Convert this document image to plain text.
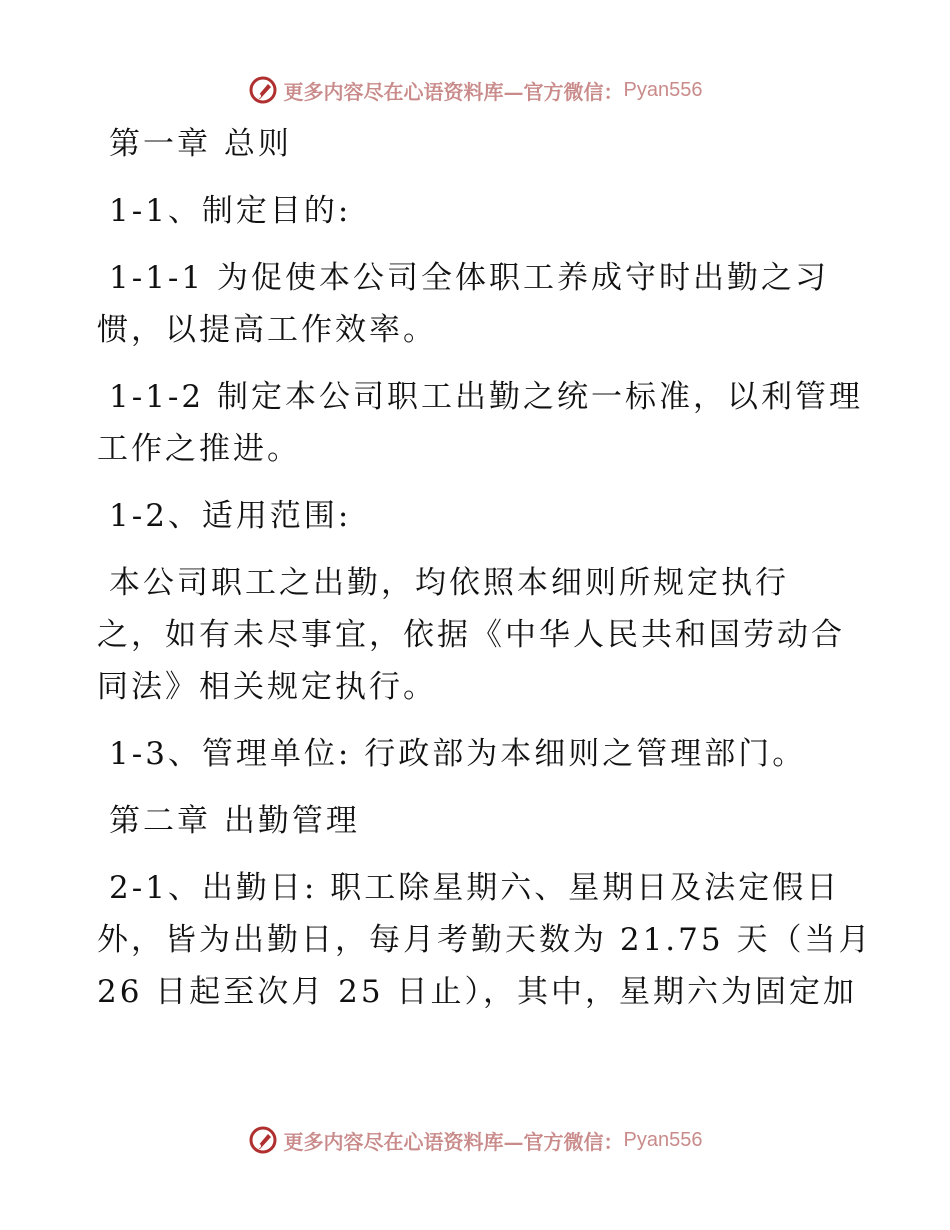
更多内容尽在心语资料库—官方微信： Pyan556

第一章 总则

1-1、制定目的:

1-1-1 为促使本公司全体职工养成守时出勤之习
惯，以提高工作效率。

1-1-2 制定本公司职工出勤之统一标准，以利管理
工作之推进。

1-2、适用范围:

本公司职工之出勤，均依照本细则所规定执行
之，如有未尽事宜，依据《中华人民共和国劳动合
同法》相关规定执行。

1-3、管理单位: 行政部为本细则之管理部门。

第二章 出勤管理

2-1、出勤日: 职工除星期六、星期日及法定假日
外，皆为出勤日，每月考勤天数为 21.75 天（当月
26 日起至次月 25 日止），其中，星期六为固定加

更多内容尽在心语资料库—官方微信： Pyan556
